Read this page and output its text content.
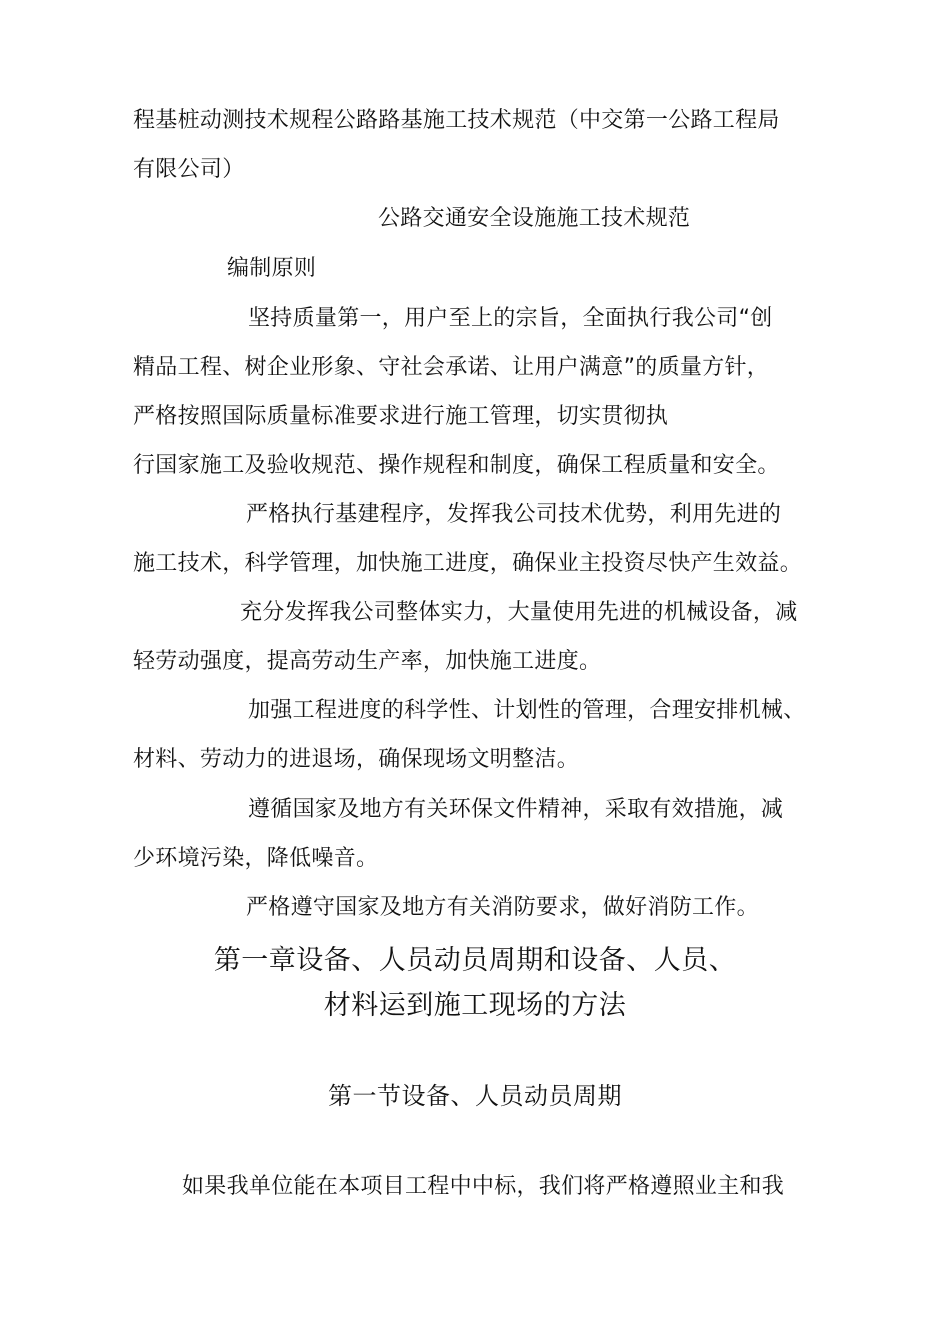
程基桩动测技术规程公路路基施工技术规范（中交第一公路工程局
有限公司）
公路交通安全设施施工技术规范
编制原则
坚持质量第一，用户至上的宗旨，全面执行我公司“创
精品工程、树企业形象、守社会承诺、让用户满意”的质量方针，
严格按照国际质量标准要求进行施工管理，切实贯彻执
行国家施工及验收规范、操作规程和制度，确保工程质量和安全。
严格执行基建程序，发挥我公司技术优势，利用先进的
施工技术，科学管理，加快施工进度，确保业主投资尽快产生效益。
充分发挥我公司整体实力，大量使用先进的机械设备，减
轻劳动强度，提高劳动生产率，加快施工进度。
加强工程进度的科学性、计划性的管理，合理安排机械、
材料、劳动力的进退场，确保现场文明整洁。
遵循国家及地方有关环保文件精神，采取有效措施，减
少环境污染，降低噪音。
严格遵守国家及地方有关消防要求，做好消防工作。
第一章设备、人员动员周期和设备、人员、
材料运到施工现场的方法
第一节设备、人员动员周期
如果我单位能在本项目工程中中标，我们将严格遵照业主和我
